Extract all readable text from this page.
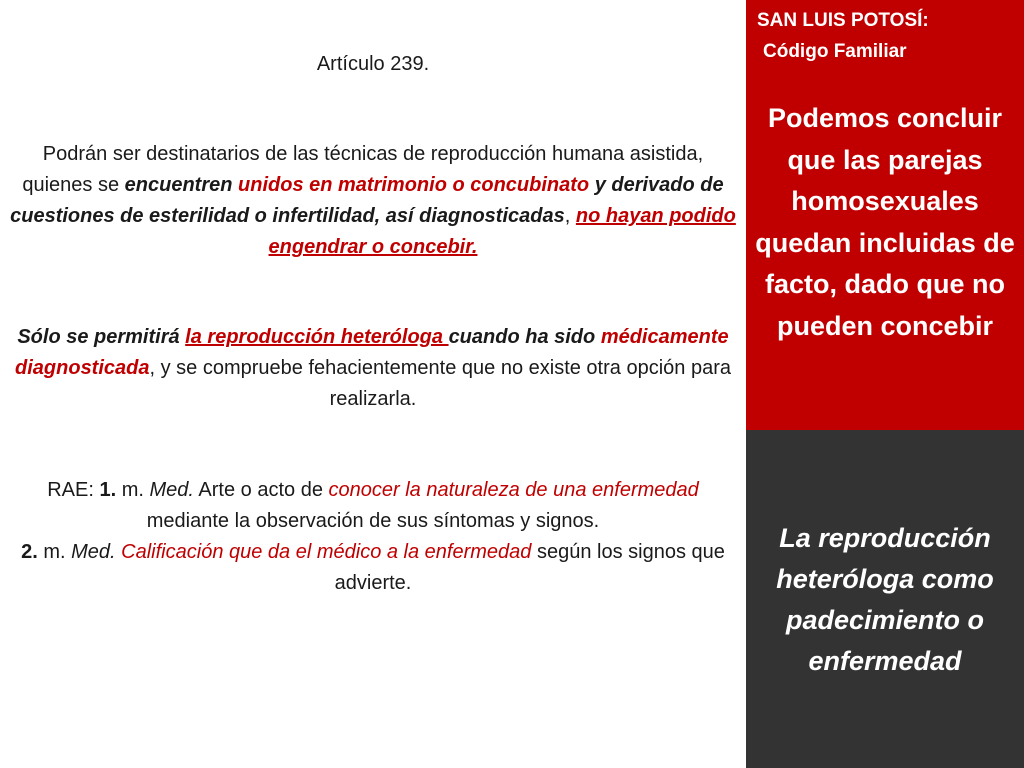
Artículo 239.
Podrán ser destinatarios de las técnicas de reproducción humana asistida, quienes se encuentren unidos en matrimonio o concubinato y derivado de cuestiones de esterilidad o infertilidad, así diagnosticadas, no hayan podido engendrar o concebir.
Sólo se permitirá la reproducción heteróloga cuando ha sido médicamente diagnosticada, y se compruebe fehacientemente que no existe otra opción para realizarla.
RAE: 1. m. Med. Arte o acto de conocer la naturaleza de una enfermedad mediante la observación de sus síntomas y signos.
2. m. Med. Calificación que da el médico a la enfermedad según los signos que advierte.
SAN LUIS POTOSÍ:
Código Familiar
Podemos concluir que las parejas homosexuales quedan incluidas de facto, dado que no pueden concebir
La reproducción heteróloga como padecimiento o enfermedad
